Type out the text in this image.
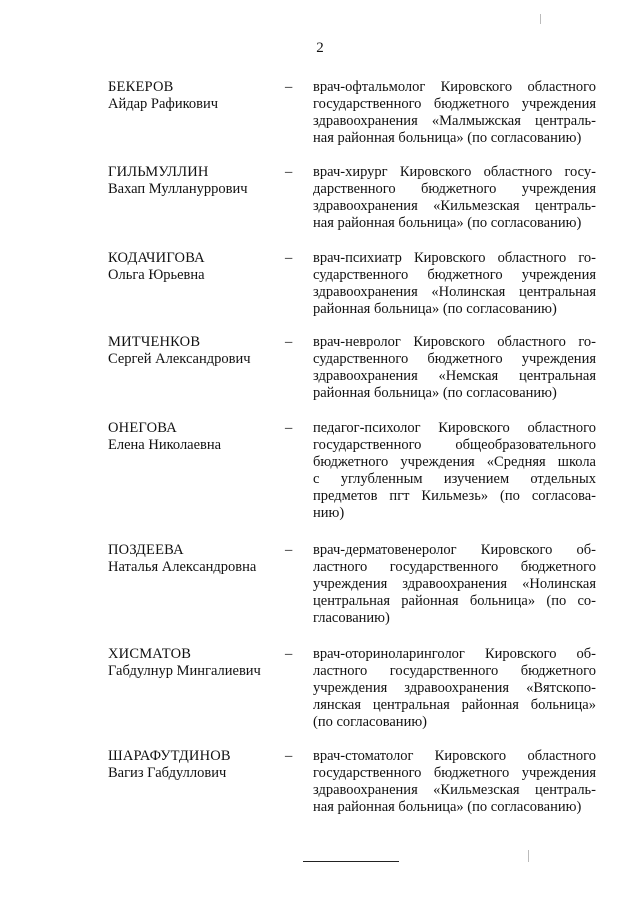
2
БЕКЕРОВ
Айдар Рафикович
– врач-офтальмолог Кировского областного
государственного бюджетного учреждения
здравоохранения «Малмыжская централь-
ная районная больница» (по согласованию)
ГИЛЬМУЛЛИН
Вахап Муллануррович
– врач-хирург Кировского областного госу-
дарственного бюджетного учреждения
здравоохранения «Кильмезская централь-
ная районная больница» (по согласованию)
КОДАЧИГОВА
Ольга Юрьевна
– врач-психиатр Кировского областного го-
сударственного бюджетного учреждения
здравоохранения «Нолинская центральная
районная больница» (по согласованию)
МИТЧЕНКОВ
Сергей Александрович
– врач-невролог Кировского областного го-
сударственного бюджетного учреждения
здравоохранения «Немская центральная
районная больница» (по согласованию)
ОНЕГОВА
Елена Николаевна
– педагог-психолог Кировского областного
государственного общеобразовательного
бюджетного учреждения «Средняя школа
с углубленным изучением отдельных
предметов пгт Кильмезь» (по согласова-
нию)
ПОЗДЕЕВА
Наталья Александровна
– врач-дерматовенеролог Кировского об-
ластного государственного бюджетного
учреждения здравоохранения «Нолинская
центральная районная больница» (по со-
гласованию)
ХИСМАТОВ
Габдулнур Мингалиевич
– врач-оториноларинголог Кировского об-
ластного государственного бюджетного
учреждения здравоохранения «Вятскопо-
лянская центральная районная больница»
(по согласованию)
ШАРАФУТДИНОВ
Вагиз Габдуллович
– врач-стоматолог Кировского областного
государственного бюджетного учреждения
здравоохранения «Кильмезская централь-
ная районная больница» (по согласованию)
